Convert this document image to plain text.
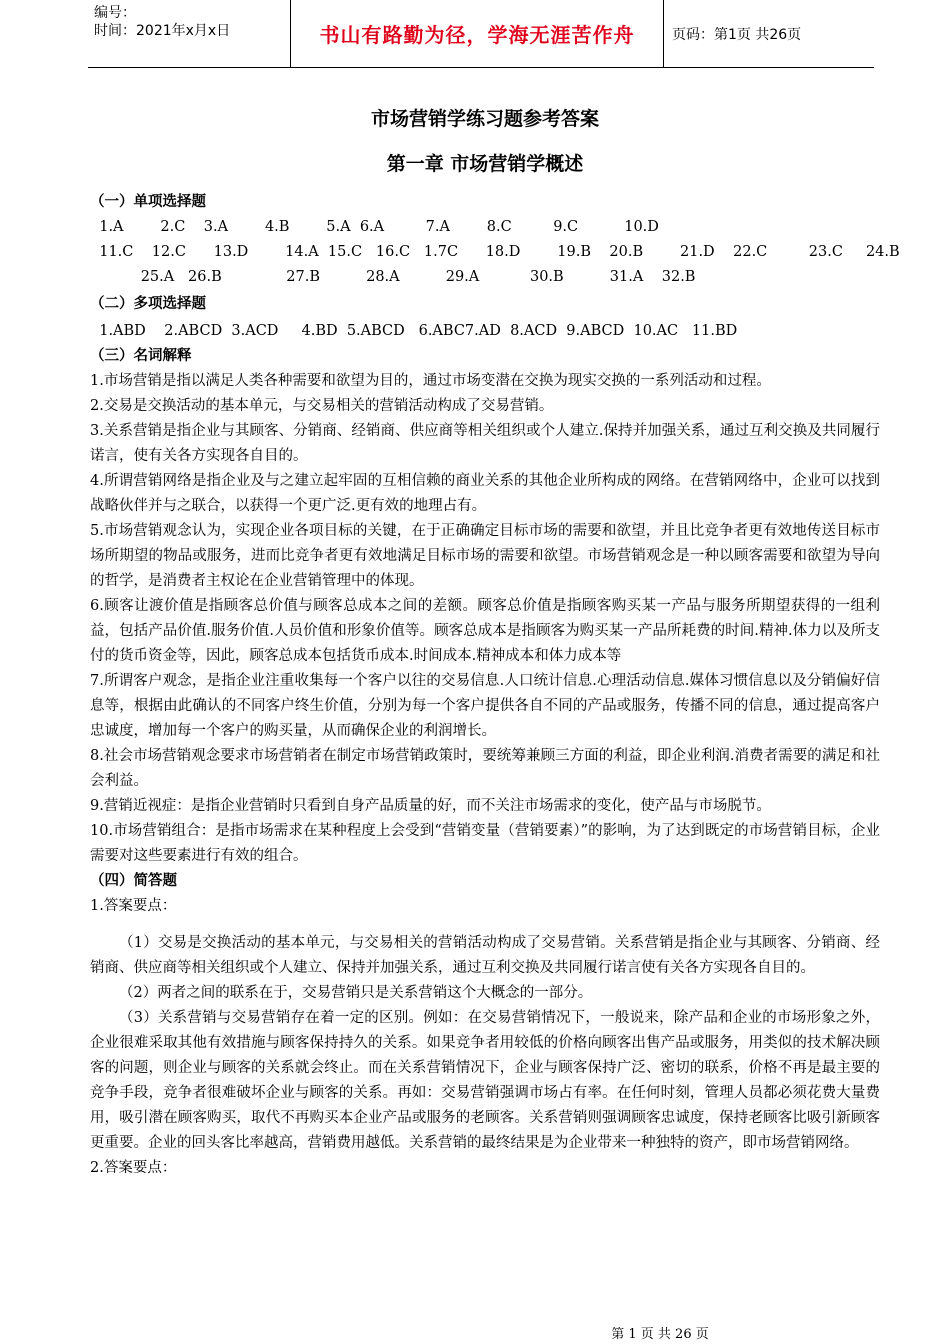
编号：
时间：2021年x月x日	书山有路勤为径，学海无涯苦作舟	页码：第1页 共26页
市场营销学练习题参考答案
第一章 市场营销学概述
（一）单项选择题
1.A        2.C    3.A        4.B        5.A  6.A         7.A        8.C         9.C          10.D
11.C    12.C      13.D        14.A  15.C   16.C   1.7C      18.D        19.B    20.B        21.D    22.C         23.C     24.B
25.A   26.B              27.B          28.A          29.A           30.B          31.A    32.B
（二）多项选择题
1.ABD    2.ABCD  3.ACD     4.BD  5.ABCD   6.ABC7.AD  8.ACD  9.ABCD  10.AC   11.BD
（三）名词解释

1.市场营销是指以满足人类各种需要和欲望为目的，通过市场变潜在交换为现实交换的一系列活动和过程。

2.交易是交换活动的基本单元，与交易相关的营销活动构成了交易营销。

3.关系营销是指企业与其顾客、分销商、经销商、供应商等相关组织或个人建立.保持并加强关系，通过互利交换及共同履行诺言，使有关各方实现各自目的。

4.所谓营销网络是指企业及与之建立起牢固的互相信赖的商业关系的其他企业所构成的网络。在营销网络中，企业可以找到战略伙伴并与之联合，以获得一个更广泛.更有效的地理占有。

5.市场营销观念认为，实现企业各项目标的关键，在于正确确定目标市场的需要和欲望，并且比竞争者更有效地传送目标市场所期望的物品或服务，进而比竞争者更有效地满足目标市场的需要和欲望。市场营销观念是一种以顾客需要和欲望为导向的哲学，是消费者主权论在企业营销管理中的体现。

6.顾客让渡价值是指顾客总价值与顾客总成本之间的差额。顾客总价值是指顾客购买某一产品与服务所期望获得的一组利益，包括产品价值.服务价值.人员价值和形象价值等。顾客总成本是指顾客为购买某一产品所耗费的时间.精神.体力以及所支付的货币资金等，因此，顾客总成本包括货币成本.时间成本.精神成本和体力成本等

7.所谓客户观念，是指企业注重收集每一个客户以往的交易信息.人口统计信息.心理活动信息.媒体习惯信息以及分销偏好信息等，根据由此确认的不同客户终生价值，分别为每一个客户提供各自不同的产品或服务，传播不同的信息，通过提高客户忠诚度，增加每一个客户的购买量，从而确保企业的利润增长。

8.社会市场营销观念要求市场营销者在制定市场营销政策时，要统筹兼顾三方面的利益，即企业利润.消费者需要的满足和社会利益。

9.营销近视症：是指企业营销时只看到自身产品质量的好，而不关注市场需求的变化，使产品与市场脱节。

10.市场营销组合：是指市场需求在某种程度上会受到“营销变量（营销要素）”的影响，为了达到既定的市场营销目标，企业需要对这些要素进行有效的组合。

（四）简答题

1.答案要点：

（1）交易是交换活动的基本单元，与交易相关的营销活动构成了交易营销。关系营销是指企业与其顾客、分销商、经销商、供应商等相关组织或个人建立、保持并加强关系，通过互利交换及共同履行诺言使有关各方实现各自目的。

（2）两者之间的联系在于，交易营销只是关系营销这个大概念的一部分。

（3）关系营销与交易营销存在着一定的区别。例如：在交易营销情况下，一般说来，除产品和企业的市场形象之外，企业很难采取其他有效措施与顾客保持持久的关系。如果竞争者用较低的价格向顾客出售产品或服务，用类似的技术解决顾客的问题，则企业与顾客的关系就会终止。而在关系营销情况下，企业与顾客保持广泛、密切的联系，价格不再是最主要的竞争手段，竞争者很难破坏企业与顾客的关系。再如：交易营销强调市场占有率。在任何时刻，管理人员都必须花费大量费用，吸引潜在顾客购买，取代不再购买本企业产品或服务的老顾客。关系营销则强调顾客忠诚度，保持老顾客比吸引新顾客更重要。企业的回头客比率越高，营销费用越低。关系营销的最终结果是为企业带来一种独特的资产，即市场营销网络。

2.答案要点：

第 1 页 共 26 页
